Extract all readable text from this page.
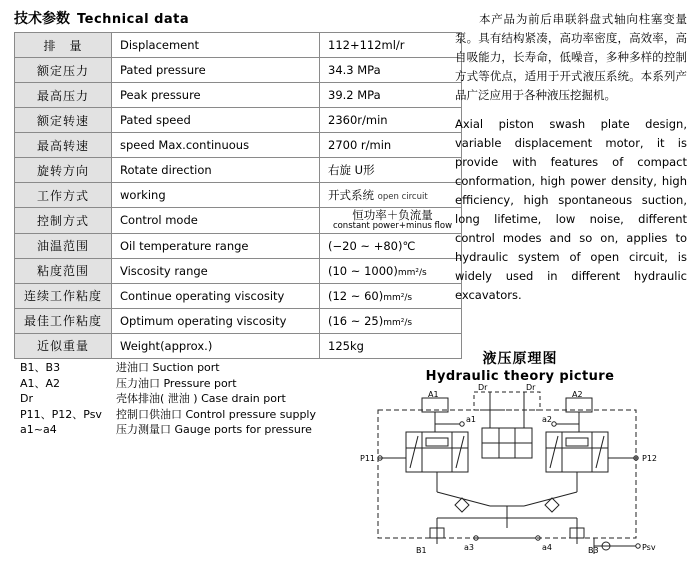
技术参数 Technical data
排　量	Displacement	112+112ml/r
额定压力	Pated pressure	34.3 MPa
最高压力	Peak pressure	39.2 MPa
额定转速	Pated speed	2360r/min
最高转速	speed Max.continuous	2700 r/min
旋转方向	Rotate direction	右旋 U形
工作方式	working	开式系统 open circuit
控制方式	Control mode	恒功率＋负流量
constant power+minus flow

油温范围	Oil temperature range	(−20 ~ +80)℃
粘度范围	Viscosity range	(10 ~ 1000)mm²/s
连续工作粘度	Continue operating viscosity	(12 ~ 60)mm²/s
最佳工作粘度	Optimum operating viscosity	(16 ~ 25)mm²/s
近似重量	Weight(approx.)	125kg
B1、B3	进油口 Suction port
A1、A2	压力油口 Pressure port
Dr	壳体排油( 泄油 ) Case drain port
P11、P12、Psv 控制口供油口 Control pressure supply
a1~a4	压力测量口 Gauge ports for pressure

本产品为前后串联斜盘式轴向柱塞变量泵。具有结构紧凑，高功率密度，高效率，高自吸能力，长寿命，低噪音，多种多样的控制方式等优点，适用于开式液压系统。本系列产品广泛应用于各种液压挖掘机。

Axial piston swash plate design, variable displacement motor, it is provide with features of compact conformation, high power density, high efficiency, high spontaneous suction, long lifetime, low noise, different control modes and so on, applies to hydraulic system of open circuit, is widely used in different hydraulic excavators.

液压原理图
Hydraulic theory picture
A1	A2
Dr	Dr
a1	a2
P11	P12
B1	B3
a3	a4	Psv
